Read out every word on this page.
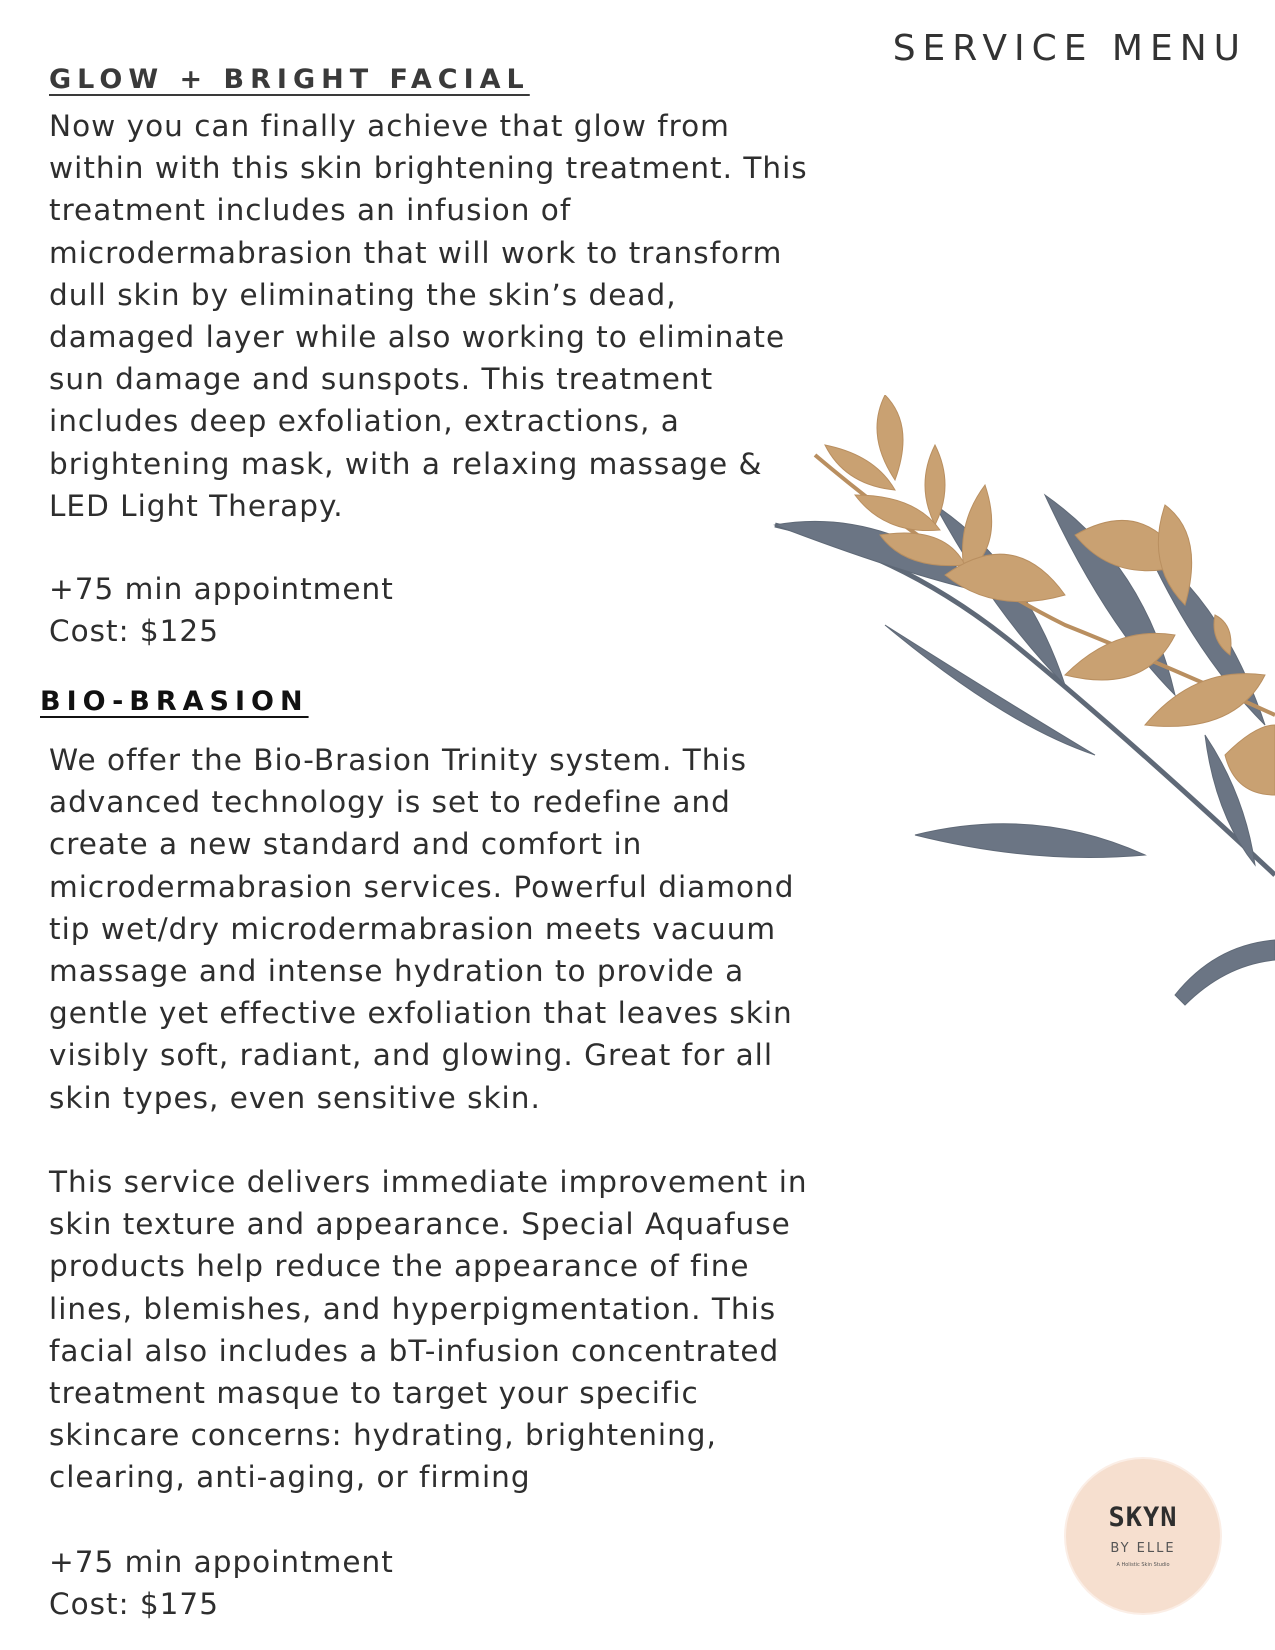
SERVICE MENU
GLOW + BRIGHT FACIAL

Now you can finally achieve that glow from
within with this skin brightening treatment. This
treatment includes an infusion of
microdermabrasion that will work to transform
dull skin by eliminating the skin’s dead,
damaged layer while also working to eliminate
sun damage and sunspots. This treatment
includes deep exfoliation, extractions, a
brightening mask, with a relaxing massage &
LED Light Therapy.

+75 min appointment
Cost: $125

BIO-BRASION

We offer the Bio-Brasion Trinity system. This
advanced technology is set to redefine and
create a new standard and comfort in
microdermabrasion services. Powerful diamond
tip wet/dry microdermabrasion meets vacuum
massage and intense hydration to provide a
gentle yet effective exfoliation that leaves skin
visibly soft, radiant, and glowing. Great for all
skin types, even sensitive skin.

This service delivers immediate improvement in
skin texture and appearance. Special Aquafuse
products help reduce the appearance of fine
lines, blemishes, and hyperpigmentation. This
facial also includes a bT-infusion concentrated
treatment masque to target your specific
skincare concerns: hydrating, brightening,
clearing, anti-aging, or firming

+75 min appointment
Cost: $175

SKYN
BY ELLE
A Holistic Skin Studio
